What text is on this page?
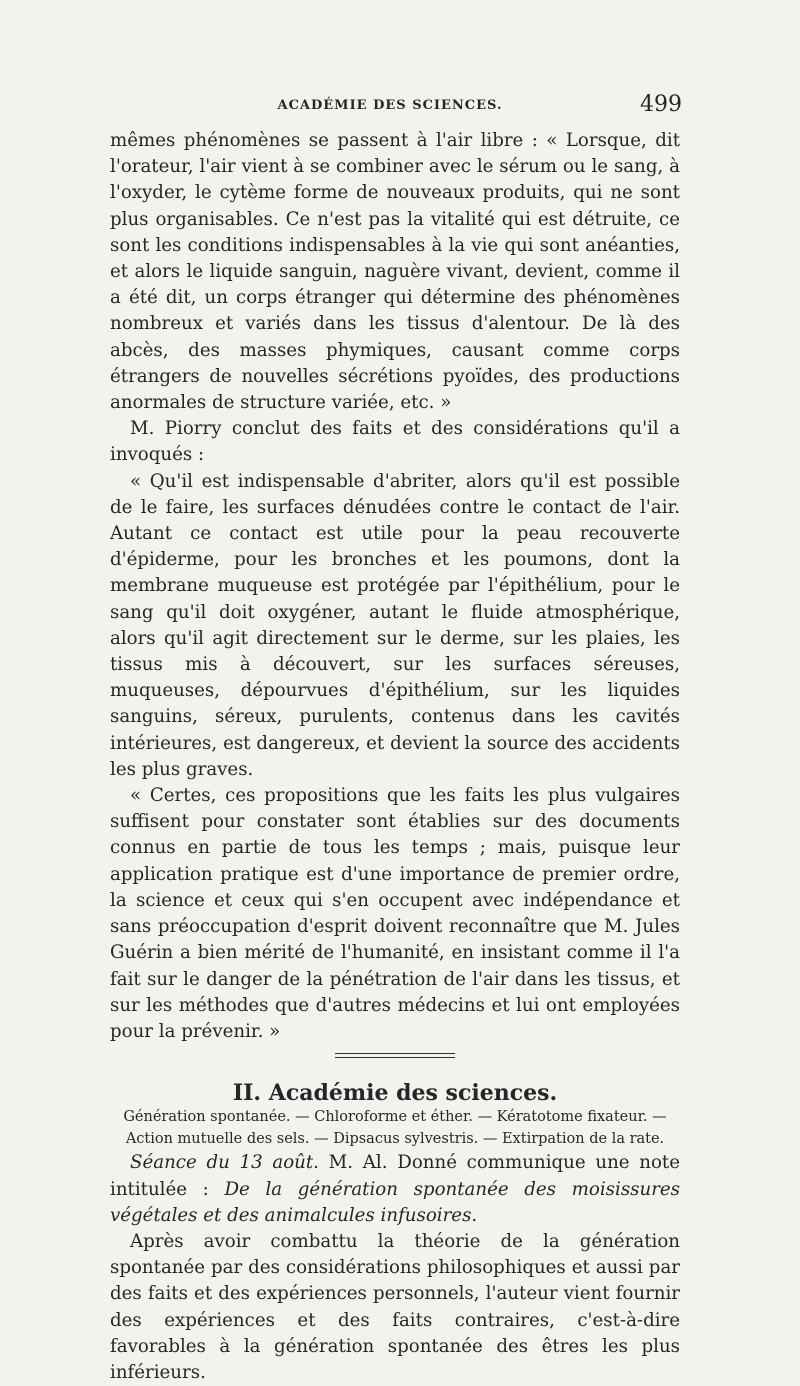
ACADÉMIE DES SCIENCES.	499

mêmes phénomènes se passent à l'air libre : « Lorsque, dit l'orateur, l'air vient à se combiner avec le sérum ou le sang, à l'oxyder, le cytème forme de nouveaux produits, qui ne sont plus organisables. Ce n'est pas la vitalité qui est détruite, ce sont les conditions indispensables à la vie qui sont anéanties, et alors le liquide sanguin, naguère vivant, devient, comme il a été dit, un corps étranger qui détermine des phénomènes nombreux et variés dans les tissus d'alentour. De là des abcès, des masses phymiques, causant comme corps étrangers de nouvelles sécrétions pyoïdes, des productions anormales de structure variée, etc. »

M. Piorry conclut des faits et des considérations qu'il a invoqués :

« Qu'il est indispensable d'abriter, alors qu'il est possible de le faire, les surfaces dénudées contre le contact de l'air. Autant ce contact est utile pour la peau recouverte d'épiderme, pour les bronches et les poumons, dont la membrane muqueuse est protégée par l'épithélium, pour le sang qu'il doit oxygéner, autant le fluide atmosphérique, alors qu'il agit directement sur le derme, sur les plaies, les tissus mis à découvert, sur les surfaces séreuses, muqueuses, dépourvues d'épithélium, sur les liquides sanguins, séreux, purulents, contenus dans les cavités intérieures, est dangereux, et devient la source des accidents les plus graves.

« Certes, ces propositions que les faits les plus vulgaires suffisent pour constater sont établies sur des documents connus en partie de tous les temps ; mais, puisque leur application pratique est d'une importance de premier ordre, la science et ceux qui s'en occupent avec indépendance et sans préoccupation d'esprit doivent reconnaître que M. Jules Guérin a bien mérité de l'humanité, en insistant comme il l'a fait sur le danger de la pénétration de l'air dans les tissus, et sur les méthodes que d'autres médecins et lui ont employées pour la prévenir. »

II. Académie des sciences.

Génération spontanée. — Chloroforme et éther. — Kératotome fixateur. —
Action mutuelle des sels. — Dipsacus sylvestris. — Extirpation de la rate.

Séance du 13 août. M. Al. Donné communique une note intitulée : De la génération spontanée des moisissures végétales et des animalcules infusoires.

Après avoir combattu la théorie de la génération spontanée par des considérations philosophiques et aussi par des faits et des expériences personnels, l'auteur vient fournir des expériences et des faits contraires, c'est-à-dire favorables à la génération spontanée des êtres les plus inférieurs.
